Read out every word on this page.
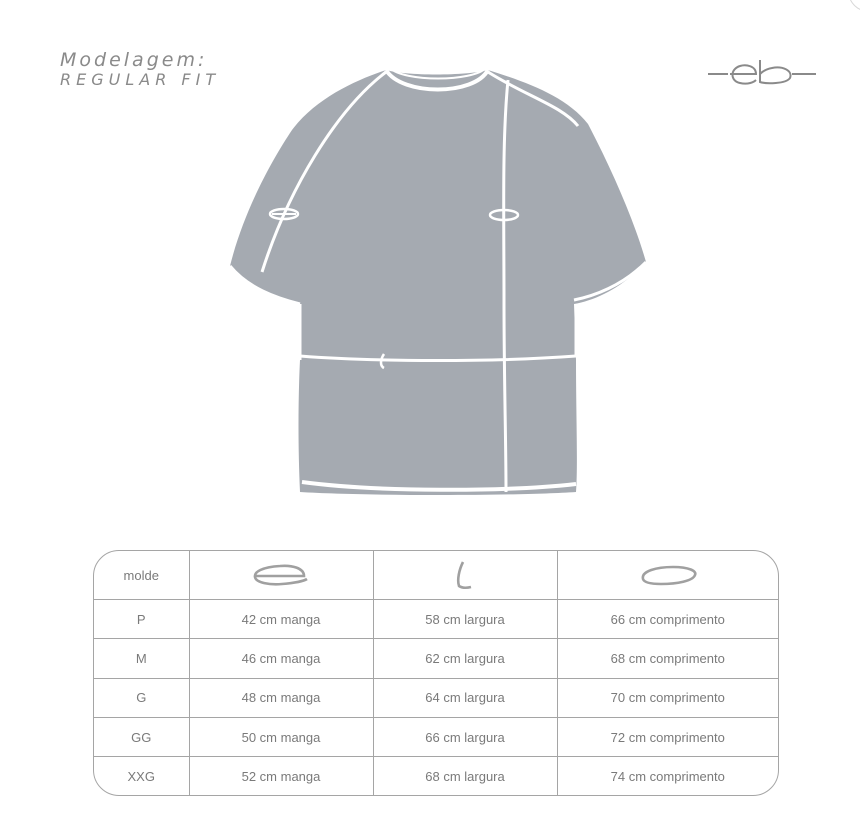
Modelagem:
REGULAR FIT
molde	

P	42 cm manga	58 cm largura	66 cm comprimento
M	46 cm manga	62 cm largura	68 cm comprimento
G	48 cm manga	64 cm largura	70 cm comprimento
GG	50 cm manga	66 cm largura	72 cm comprimento
XXG	52 cm manga	68 cm largura	74 cm comprimento
